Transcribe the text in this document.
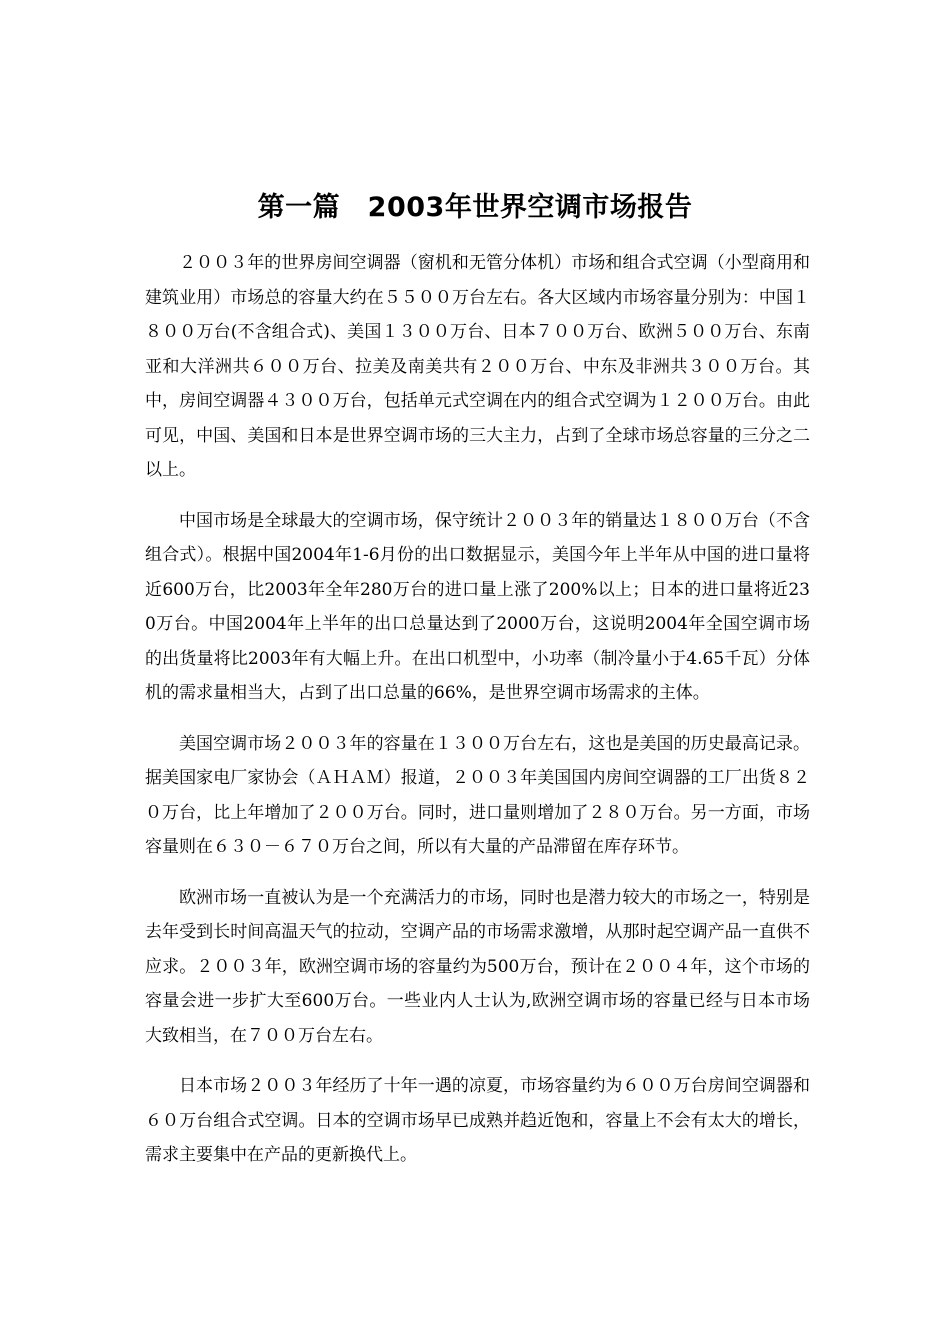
第一篇　2003年世界空调市场报告

２００３年的世界房间空调器（窗机和无管分体机）市场和组合式空调（小型商用和建筑业用）市场总的容量大约在５５００万台左右。各大区域内市场容量分别为：中国１８００万台(不含组合式)、美国１３００万台、日本７００万台、欧洲５００万台、东南亚和大洋洲共６００万台、拉美及南美共有２００万台、中东及非洲共３００万台。其中，房间空调器４３００万台，包括单元式空调在内的组合式空调为１２００万台。由此可见，中国、美国和日本是世界空调市场的三大主力，占到了全球市场总容量的三分之二以上。

中国市场是全球最大的空调市场，保守统计２００３年的销量达１８００万台（不含组合式）。根据中国2004年1-6月份的出口数据显示，美国今年上半年从中国的进口量将近600万台，比2003年全年280万台的进口量上涨了200%以上；日本的进口量将近230万台。中国2004年上半年的出口总量达到了2000万台，这说明2004年全国空调市场的出货量将比2003年有大幅上升。在出口机型中，小功率（制冷量小于4.65千瓦）分体机的需求量相当大，占到了出口总量的66%，是世界空调市场需求的主体。

美国空调市场２００３年的容量在１３００万台左右，这也是美国的历史最高记录。据美国家电厂家协会（ＡＨＡＭ）报道，２００３年美国国内房间空调器的工厂出货８２０万台，比上年增加了２００万台。同时，进口量则增加了２８０万台。另一方面，市场容量则在６３０－６７０万台之间，所以有大量的产品滞留在库存环节。

欧洲市场一直被认为是一个充满活力的市场，同时也是潜力较大的市场之一，特别是去年受到长时间高温天气的拉动，空调产品的市场需求激增，从那时起空调产品一直供不应求。２００３年，欧洲空调市场的容量约为500万台，预计在２００４年，这个市场的容量会进一步扩大至600万台。一些业内人士认为,欧洲空调市场的容量已经与日本市场大致相当，在７００万台左右。

日本市场２００３年经历了十年一遇的凉夏，市场容量约为６００万台房间空调器和６０万台组合式空调。日本的空调市场早已成熟并趋近饱和，容量上不会有太大的增长，需求主要集中在产品的更新换代上。
